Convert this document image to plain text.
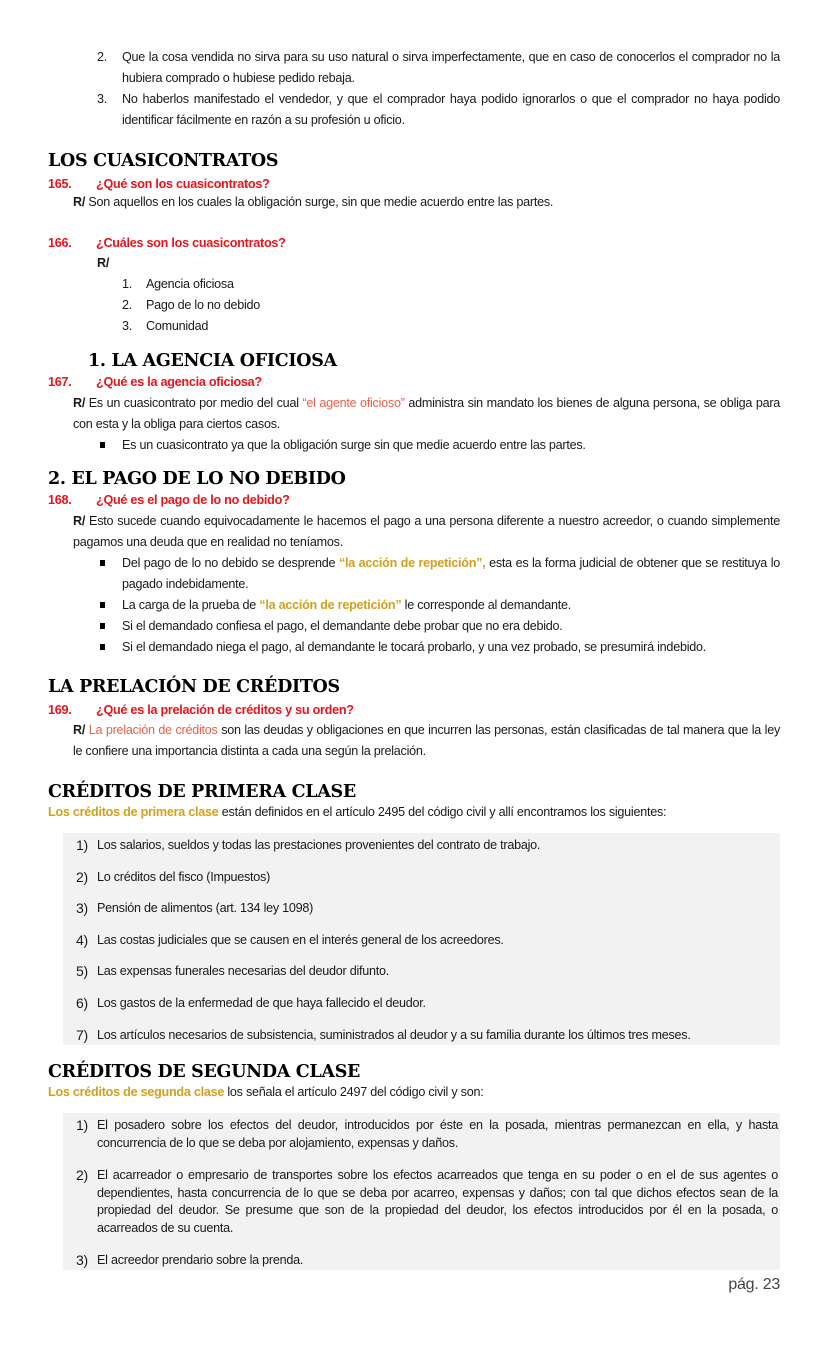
2. Que la cosa vendida no sirva para su uso natural o sirva imperfectamente, que en caso de conocerlos el comprador no la hubiera comprado o hubiese pedido rebaja.
3. No haberlos manifestado el vendedor, y que el comprador haya podido ignorarlos o que el comprador no haya podido identificar fácilmente en razón a su profesión u oficio.
LOS CUASICONTRATOS
165. ¿Qué son los cuasicontratos?
R/ Son aquellos en los cuales la obligación surge, sin que medie acuerdo entre las partes.
166. ¿Cuáles son los cuasicontratos?
R/
1. Agencia oficiosa
2. Pago de lo no debido
3. Comunidad
1. LA AGENCIA OFICIOSA
167. ¿Qué es la agencia oficiosa?
R/ Es un cuasicontrato por medio del cual “el agente oficioso” administra sin mandato los bienes de alguna persona, se obliga para con esta y la obliga para ciertos casos.
Es un cuasicontrato ya que la obligación surge sin que medie acuerdo entre las partes.
2. EL PAGO DE LO NO DEBIDO
168. ¿Qué es el pago de lo no debido?
R/ Esto sucede cuando equivocadamente le hacemos el pago a una persona diferente a nuestro acreedor, o cuando simplemente pagamos una deuda que en realidad no teníamos.
Del pago de lo no debido se desprende “la acción de repetición”, esta es la forma judicial de obtener que se restituya lo pagado indebidamente.
La carga de la prueba de “la acción de repetición” le corresponde al demandante.
Si el demandado confiesa el pago, el demandante debe probar que no era debido.
Si el demandado niega el pago, al demandante le tocará probarlo, y una vez probado, se presumirá indebido.
LA PRELACIÓN DE CRÉDITOS
169. ¿Qué es la prelación de créditos y su orden?
R/ La prelación de créditos son las deudas y obligaciones en que incurren las personas, están clasificadas de tal manera que la ley le confiere una importancia distinta a cada una según la prelación.
CRÉDITOS DE PRIMERA CLASE
Los créditos de primera clase están definidos en el artículo 2495 del código civil y allí encontramos los siguientes:
1) Los salarios, sueldos y todas las prestaciones provenientes del contrato de trabajo.
2) Lo créditos del fisco (Impuestos)
3) Pensión de alimentos (art. 134 ley 1098)
4) Las costas judiciales que se causen en el interés general de los acreedores.
5) Las expensas funerales necesarias del deudor difunto.
6) Los gastos de la enfermedad de que haya fallecido el deudor.
7) Los artículos necesarios de subsistencia, suministrados al deudor y a su familia durante los últimos tres meses.
CRÉDITOS DE SEGUNDA CLASE
Los créditos de segunda clase los señala el artículo 2497 del código civil y son:
1) El posadero sobre los efectos del deudor, introducidos por éste en la posada, mientras permanezcan en ella, y hasta concurrencia de lo que se deba por alojamiento, expensas y daños.
2) El acarreador o empresario de transportes sobre los efectos acarreados que tenga en su poder o en el de sus agentes o dependientes, hasta concurrencia de lo que se deba por acarreo, expensas y daños; con tal que dichos efectos sean de la propiedad del deudor. Se presume que son de la propiedad del deudor, los efectos introducidos por él en la posada, o acarreados de su cuenta.
3) El acreedor prendario sobre la prenda.
pág. 23
